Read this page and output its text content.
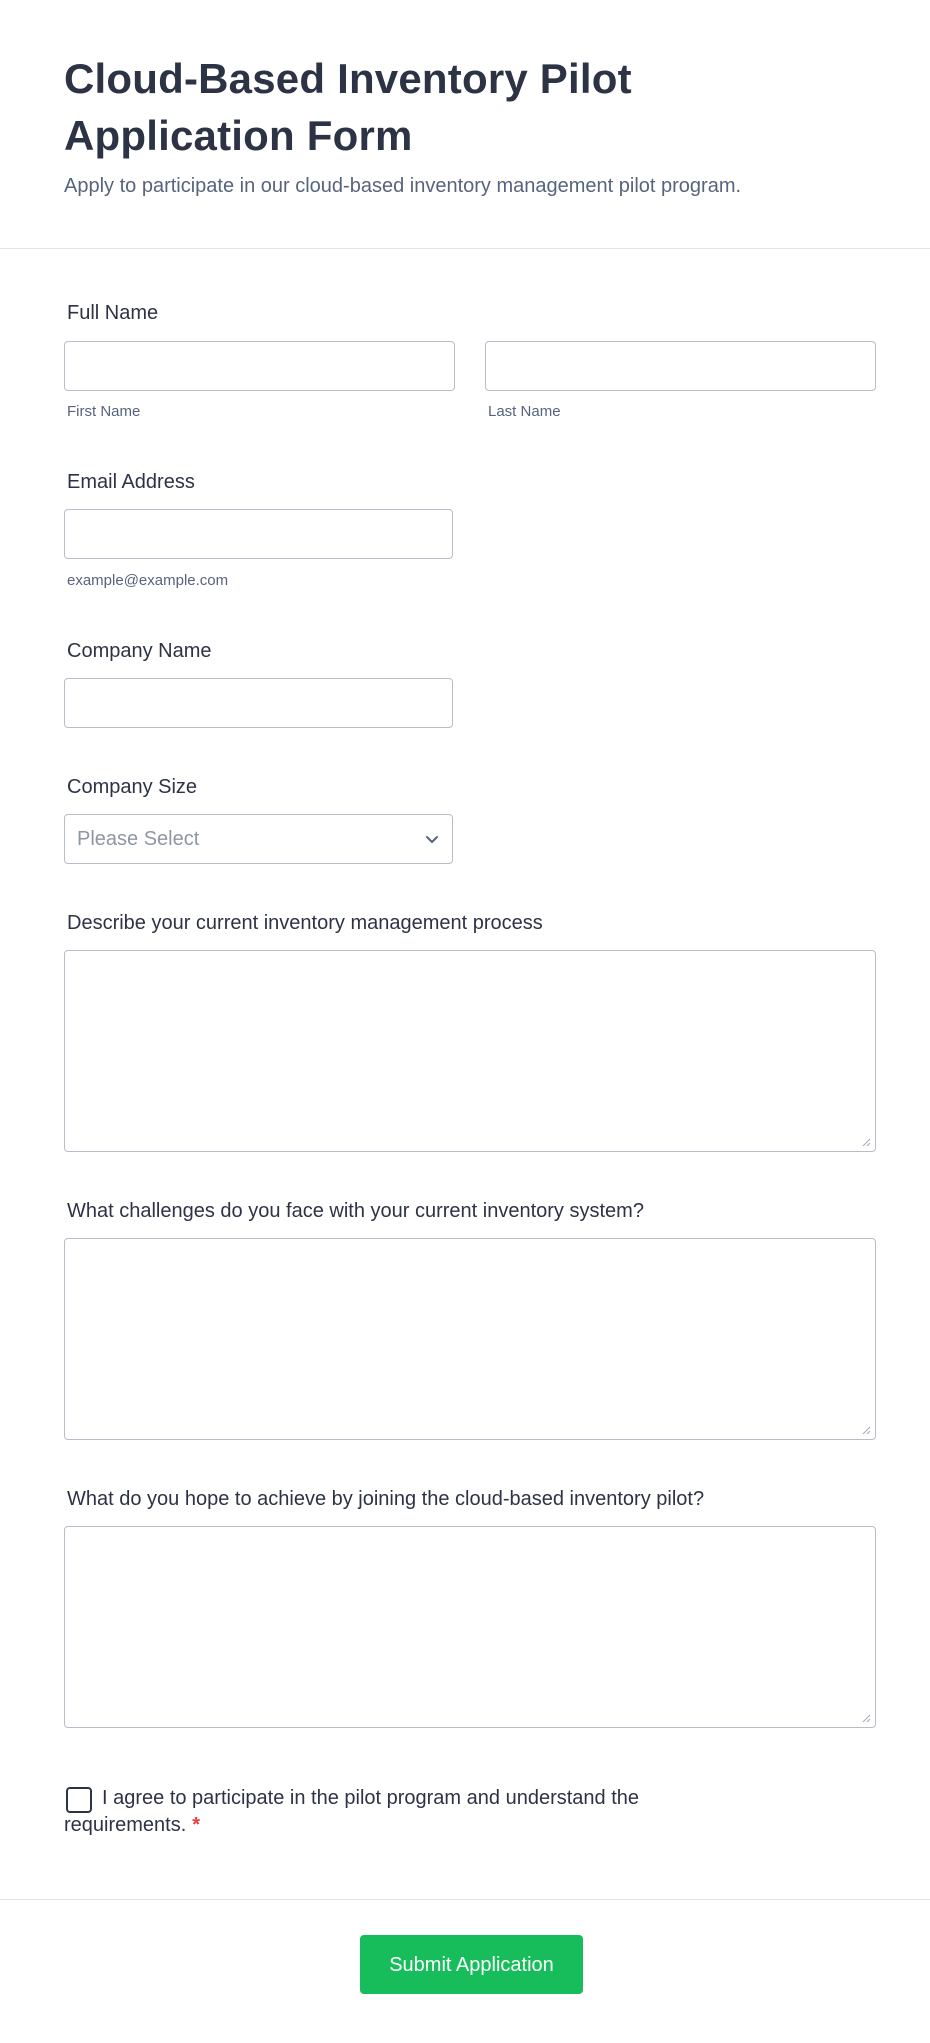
Cloud-Based Inventory Pilot Application Form

Apply to participate in our cloud-based inventory management pilot program.

Full Name
First Name	Last Name
Email Address
example@example.com
Company Name
Company Size
Please Select
Describe your current inventory management process
What challenges do you face with your current inventory system?
What do you hope to achieve by joining the cloud-based inventory pilot?

I agree to participate in the pilot program and understand the requirements. *

Submit Application
